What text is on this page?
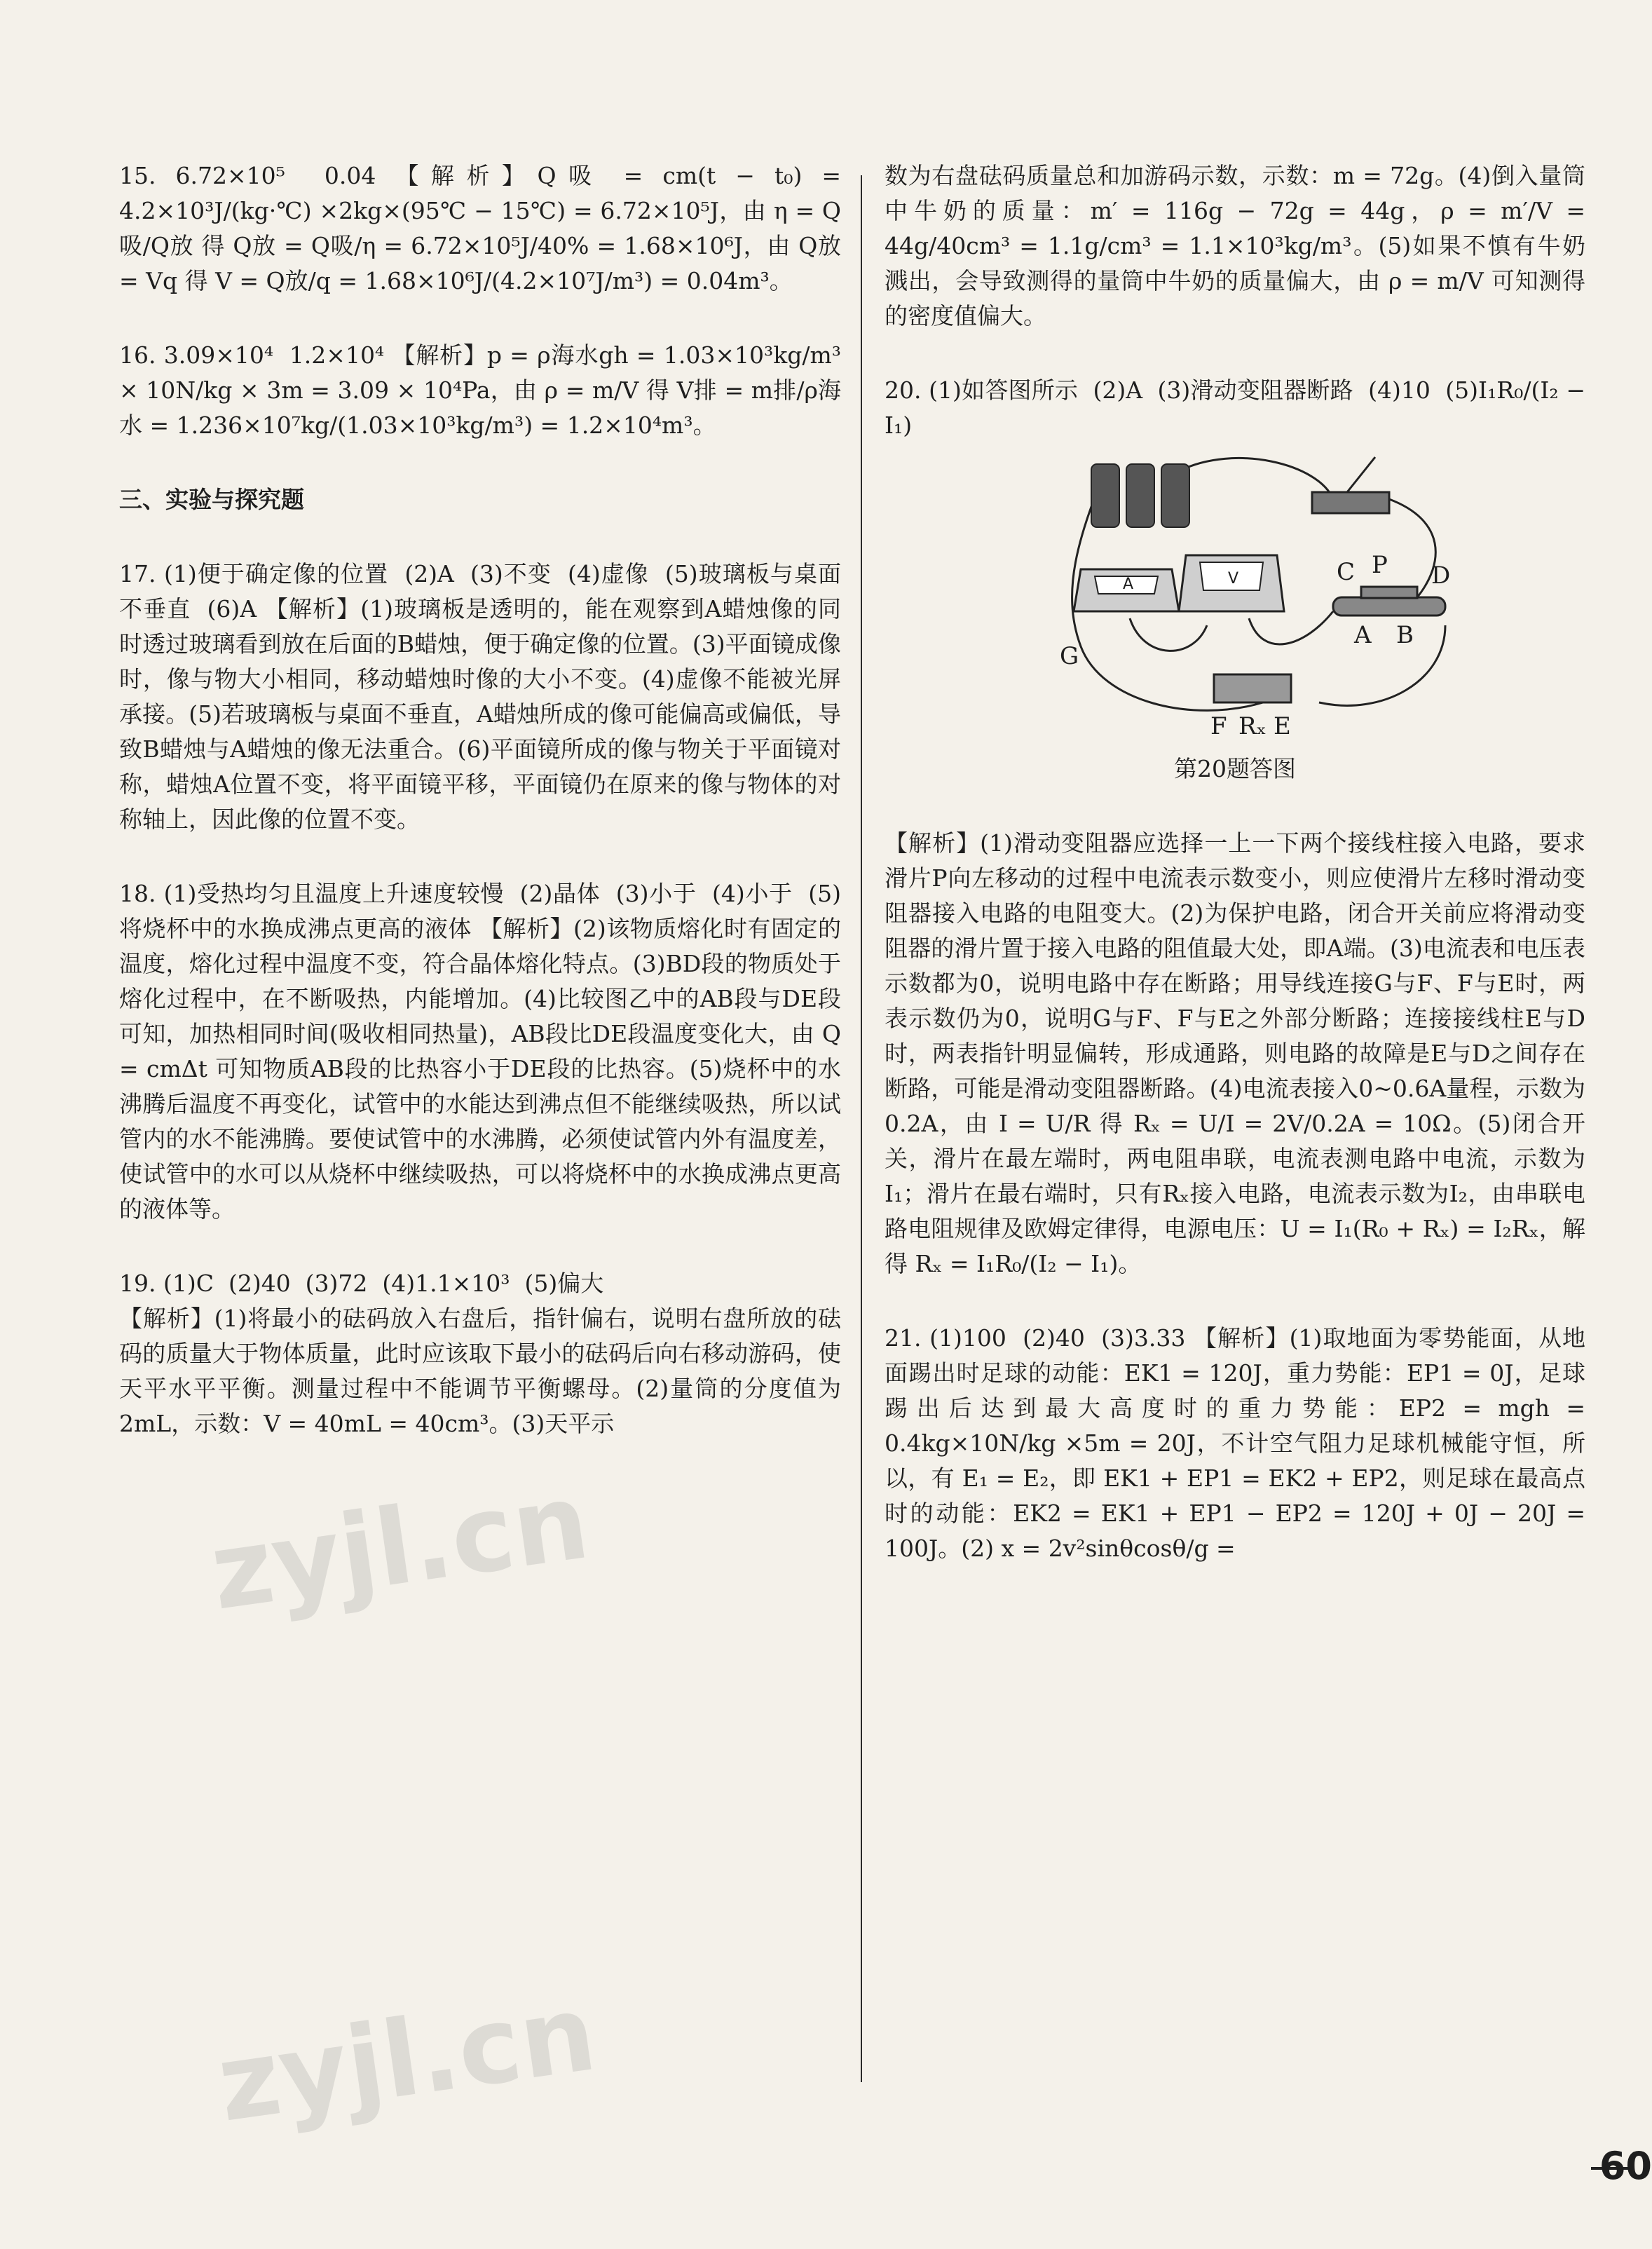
zyjl.cn
zyjl.cn

15. 6.72×10⁵  0.04 【解析】Q吸 = cm(t − t₀) = 4.2×10³J/(kg·℃) ×2kg×(95℃ − 15℃) = 6.72×10⁵J，由 η = Q吸/Q放 得 Q放 = Q吸/η = 6.72×10⁵J/40% = 1.68×10⁶J，由 Q放 = Vq 得 V = Q放/q = 1.68×10⁶J/(4.2×10⁷J/m³) = 0.04m³。

16. 3.09×10⁴  1.2×10⁴ 【解析】p = ρ海水gh = 1.03×10³kg/m³ × 10N/kg × 3m = 3.09 × 10⁴Pa，由 ρ = m/V 得 V排 = m排/ρ海水 = 1.236×10⁷kg/(1.03×10³kg/m³) = 1.2×10⁴m³。

三、实验与探究题

17. (1)便于确定像的位置  (2)A  (3)不变  (4)虚像  (5)玻璃板与桌面不垂直  (6)A 【解析】(1)玻璃板是透明的，能在观察到A蜡烛像的同时透过玻璃看到放在后面的B蜡烛，便于确定像的位置。(3)平面镜成像时，像与物大小相同，移动蜡烛时像的大小不变。(4)虚像不能被光屏承接。(5)若玻璃板与桌面不垂直，A蜡烛所成的像可能偏高或偏低，导致B蜡烛与A蜡烛的像无法重合。(6)平面镜所成的像与物关于平面镜对称，蜡烛A位置不变，将平面镜平移，平面镜仍在原来的像与物体的对称轴上，因此像的位置不变。

18. (1)受热均匀且温度上升速度较慢  (2)晶体  (3)小于  (4)小于  (5)将烧杯中的水换成沸点更高的液体 【解析】(2)该物质熔化时有固定的温度，熔化过程中温度不变，符合晶体熔化特点。(3)BD段的物质处于熔化过程中，在不断吸热，内能增加。(4)比较图乙中的AB段与DE段可知，加热相同时间(吸收相同热量)，AB段比DE段温度变化大，由 Q = cmΔt 可知物质AB段的比热容小于DE段的比热容。(5)烧杯中的水沸腾后温度不再变化，试管中的水能达到沸点但不能继续吸热，所以试管内的水不能沸腾。要使试管中的水沸腾，必须使试管内外有温度差，使试管中的水可以从烧杯中继续吸热，可以将烧杯中的水换成沸点更高的液体等。

19. (1)C  (2)40  (3)72  (4)1.1×10³  (5)偏大
【解析】(1)将最小的砝码放入右盘后，指针偏右，说明右盘所放的砝码的质量大于物体质量，此时应该取下最小的砝码后向右移动游码，使天平水平平衡。测量过程中不能调节平衡螺母。(2)量筒的分度值为2mL，示数：V = 40mL = 40cm³。(3)天平示

数为右盘砝码质量总和加游码示数，示数：m = 72g。(4)倒入量筒中牛奶的质量：m′ = 116g − 72g = 44g，ρ = m′/V = 44g/40cm³ = 1.1g/cm³ = 1.1×10³kg/m³。(5)如果不慎有牛奶溅出，会导致测得的量筒中牛奶的质量偏大，由 ρ = m/V 可知测得的密度值偏大。

20. (1)如答图所示  (2)A  (3)滑动变阻器断路  (4)10  (5)I₁R₀/(I₂ − I₁)

C P D
A B
G
F Rₓ E
A	V
第20题答图

【解析】(1)滑动变阻器应选择一上一下两个接线柱接入电路，要求滑片P向左移动的过程中电流表示数变小，则应使滑片左移时滑动变阻器接入电路的电阻变大。(2)为保护电路，闭合开关前应将滑动变阻器的滑片置于接入电路的阻值最大处，即A端。(3)电流表和电压表示数都为0，说明电路中存在断路；用导线连接G与F、F与E时，两表示数仍为0，说明G与F、F与E之外部分断路；连接接线柱E与D时，两表指针明显偏转，形成通路，则电路的故障是E与D之间存在断路，可能是滑动变阻器断路。(4)电流表接入0~0.6A量程，示数为0.2A，由 I = U/R 得 Rₓ = U/I = 2V/0.2A = 10Ω。(5)闭合开关，滑片在最左端时，两电阻串联，电流表测电路中电流，示数为I₁；滑片在最右端时，只有Rₓ接入电路，电流表示数为I₂，由串联电路电阻规律及欧姆定律得，电源电压：U = I₁(R₀ + Rₓ) = I₂Rₓ，解得 Rₓ = I₁R₀/(I₂ − I₁)。

21. (1)100  (2)40  (3)3.33 【解析】(1)取地面为零势能面，从地面踢出时足球的动能：EK1 = 120J，重力势能：EP1 = 0J，足球踢出后达到最大高度时的重力势能：EP2 = mgh = 0.4kg×10N/kg ×5m = 20J，不计空气阻力足球机械能守恒，所以，有 E₁ = E₂，即 EK1 + EP1 = EK2 + EP2，则足球在最高点时的动能：EK2 = EK1 + EP1 − EP2 = 120J + 0J − 20J = 100J。(2) x = 2v²sinθcosθ/g =

60
